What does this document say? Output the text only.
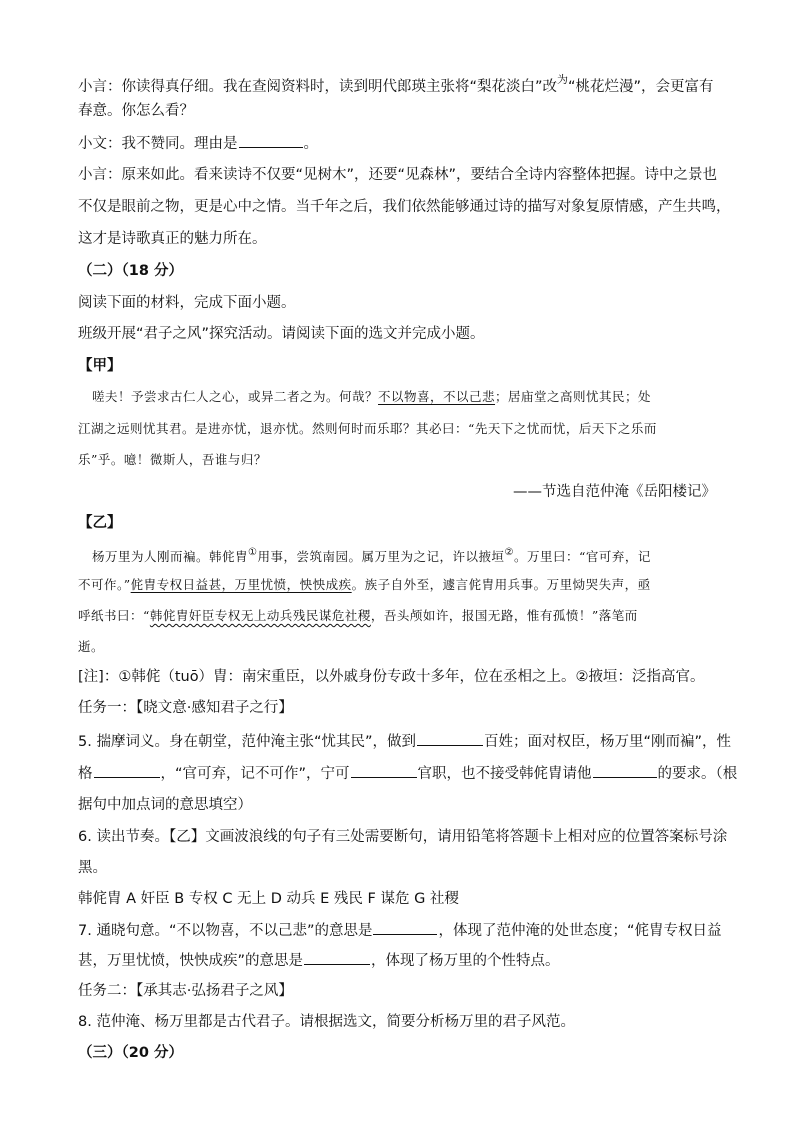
小言：你读得真仔细。我在查阅资料时，读到明代郎瑛主张将“梨花淡白”改$^为$“桃花烂漫”，会更富有
春意。你怎么看？
小文：我不赞同。理由是	。
小言：原来如此。看来读诗不仅要“见树木”，还要“见森林”，要结合全诗内容整体把握。诗中之景也
不仅是眼前之物，更是心中之情。当千年之后，我们依然能够通过诗的描写对象复原情感，产生共鸣，
这才是诗歌真正的魅力所在。
（二）（18 分）
阅读下面的材料，完成下面小题。
班级开展“君子之风”探究活动。请阅读下面的选文并完成小题。
【甲】
嗟夫！予尝求古仁人之心，或异二者之为。何哉？不以物喜，不以己悲；居庙堂之高则忧其民；处
江湖之远则忧其君。是进亦忧，退亦忧。然则何时而乐耶？其必曰：“先天下之忧而忧，后天下之乐而
乐”乎。噫！微斯人，吾谁与归？
——节选自范仲淹《岳阳楼记》
【乙】
杨万里为人刚而褊。韩侂胄①用事，尝筑南园。属万里为之记，许以掖垣②。万里曰：“官可弃，记
不可作。”侂胄专权日益甚，万里忧愤，怏怏成疾。族子自外至，遽言侂胄用兵事。万里恸哭失声，亟
呼纸书曰：“韩侂胄奸臣专权无上动兵残民谋危社稷，吾头颅如许，报国无路，惟有孤愤！”落笔而
逝。
[注]：①韩侂（tuō）胄：南宋重臣，以外戚身份专政十多年，位在丞相之上。②掖垣：泛指高官。
任务一：【晓文意·感知君子之行】
5. 揣摩词义。身在朝堂，范仲淹主张“忧其民”，做到	百姓；面对权臣，杨万里“刚而褊”，性
格	，“官可弃，记不可作”，宁可	官职，也不接受韩侂胄请他	的要求。（根
据句中加点词的意思填空）
6. 读出节奏。【乙】文画波浪线的句子有三处需要断句，请用铅笔将答题卡上相对应的位置答案标号涂
黑。
韩侂胄 A 奸臣 B 专权 C 无上 D 动兵 E 残民 F 谋危 G 社稷
7. 通晓句意。“不以物喜，不以己悲”的意思是	，体现了范仲淹的处世态度；“侂胄专权日益
甚，万里忧愤，怏怏成疾”的意思是	，体现了杨万里的个性特点。
任务二：【承其志·弘扬君子之风】
8. 范仲淹、杨万里都是古代君子。请根据选文，简要分析杨万里的君子风范。
（三）（20 分）
